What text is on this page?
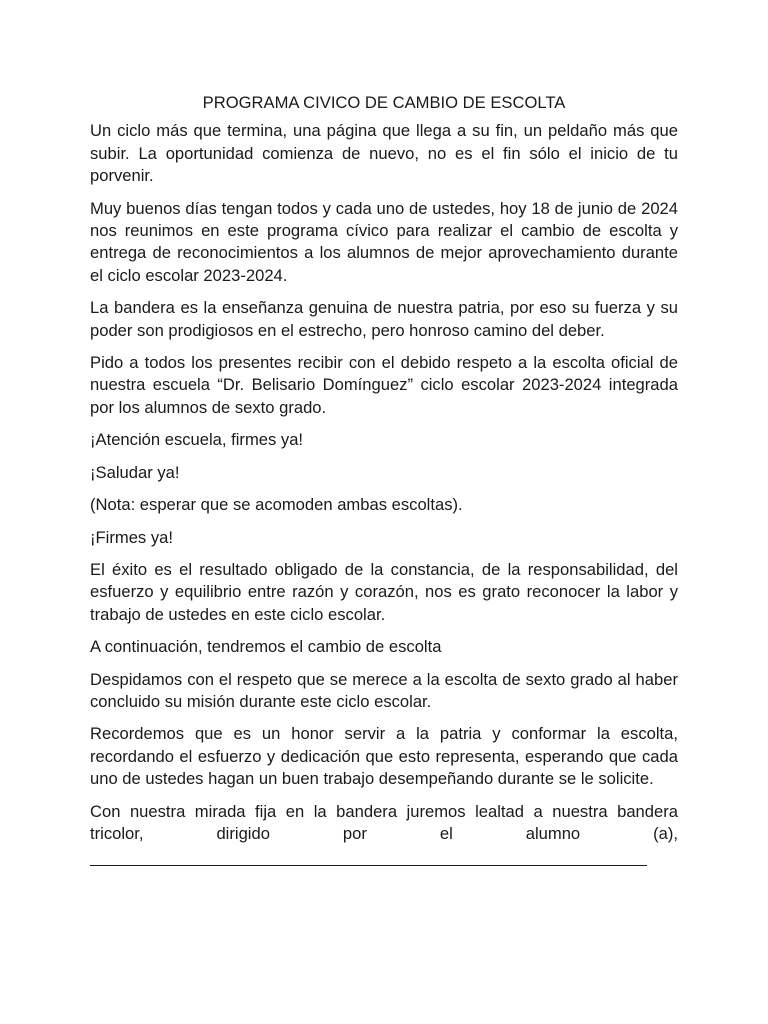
PROGRAMA CIVICO DE CAMBIO DE ESCOLTA

Un ciclo más que termina, una página que llega a su fin, un peldaño más que subir. La oportunidad comienza de nuevo, no es el fin sólo el inicio de tu porvenir.

Muy buenos días tengan todos y cada uno de ustedes, hoy 18 de junio de 2024 nos reunimos en este programa cívico para realizar el cambio de escolta y entrega de reconocimientos a los alumnos de mejor aprovechamiento durante el ciclo escolar 2023-2024.

La bandera es la enseñanza genuina de nuestra patria, por eso su fuerza y su poder son prodigiosos en el estrecho, pero honroso camino del deber.

Pido a todos los presentes recibir con el debido respeto a la escolta oficial de nuestra escuela “Dr. Belisario Domínguez” ciclo escolar 2023-2024 integrada por los alumnos de sexto grado.

¡Atención escuela, firmes ya!

¡Saludar ya!

(Nota: esperar que se acomoden ambas escoltas).

¡Firmes ya!

El éxito es el resultado obligado de la constancia, de la responsabilidad, del esfuerzo y equilibrio entre razón y corazón, nos es grato reconocer la labor y trabajo de ustedes en este ciclo escolar.

A continuación, tendremos el cambio de escolta

Despidamos con el respeto que se merece a la escolta de sexto grado al haber concluido su misión durante este ciclo escolar.

Recordemos que es un honor servir a la patria y conformar la escolta, recordando el esfuerzo y dedicación que esto representa, esperando que cada uno de ustedes hagan un buen trabajo desempeñando durante se le solicite.

Con nuestra mirada fija en la bandera juremos lealtad a nuestra bandera tricolor, dirigido por el alumno (a),
